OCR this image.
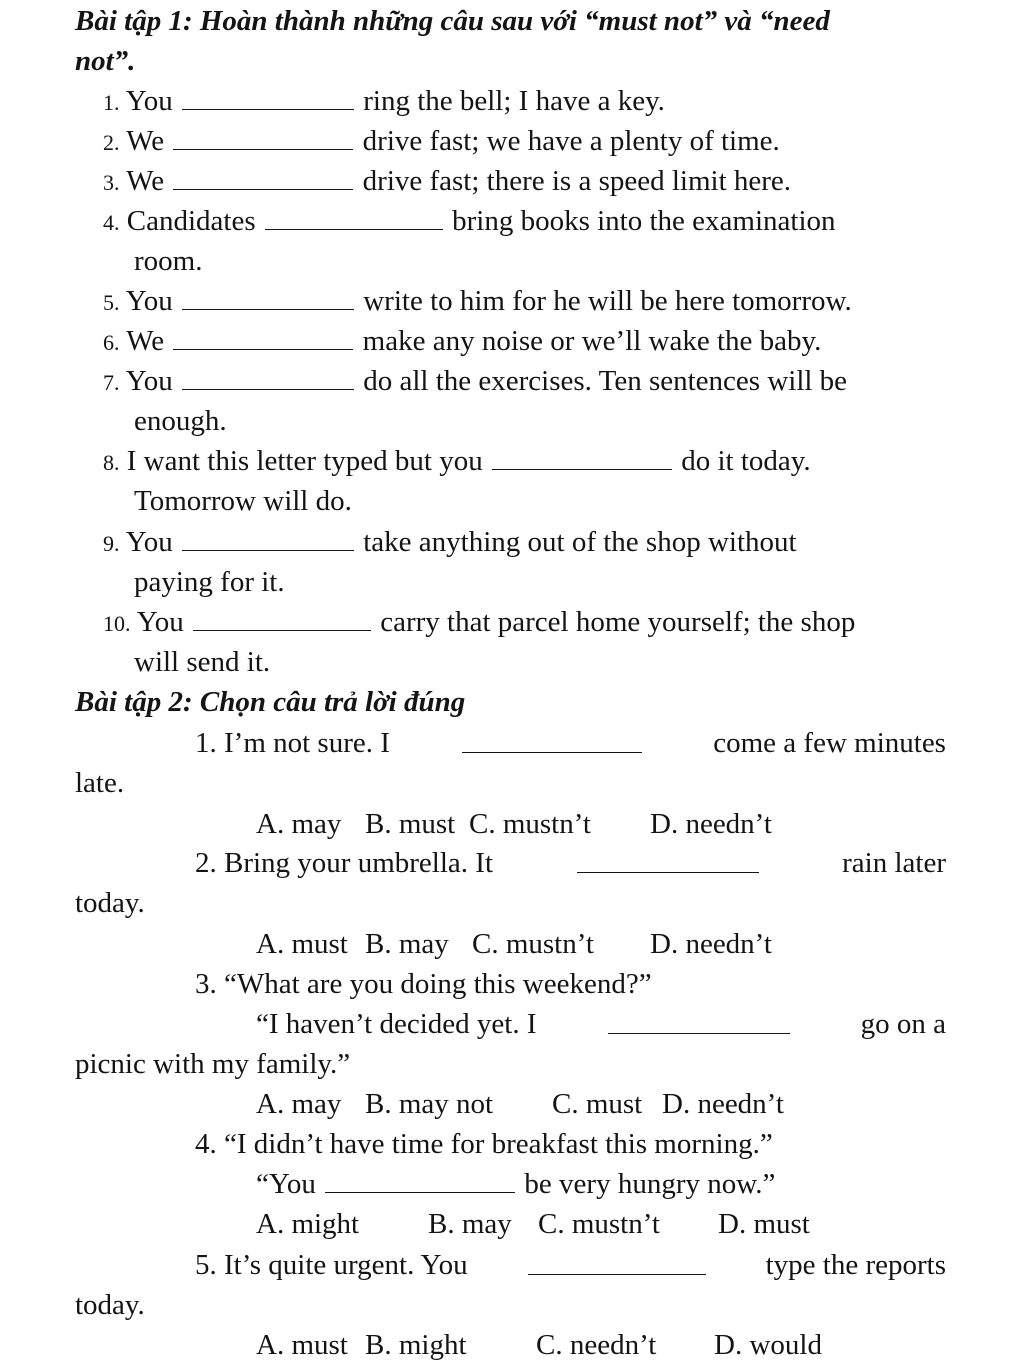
Bài tập 1: Hoàn thành những câu sau với “must not” và “need
not”.
1. You	ring the bell; I have a key.
2. We	drive fast; we have a plenty of time.
3. We	drive fast; there is a speed limit here.
4. Candidates	bring books into the examination
room.
5. You	write to him for he will be here tomorrow.
6. We	make any noise or we’ll wake the baby.
7. You	do all the exercises. Ten sentences will be
enough.
8. I want this letter typed but you	do it today.
Tomorrow will do.
9. You	take anything out of the shop without
paying for it.
10. You	carry that parcel home yourself; the shop
will send it.
Bài tập 2: Chọn câu trả lời đúng
1. I’m not sure. I	come a few minutes
late.
A. may B. must C. mustn’t D. needn’t
2. Bring your umbrella. It	rain later
today.
A. must B. may C. mustn’t D. needn’t
3. “What are you doing this weekend?”
“I haven’t decided yet. I	go on a
picnic with my family.”
A. may B. may not C. must D. needn’t
4. “I didn’t have time for breakfast this morning.”
“You	be very hungry now.”
A. might B. may C. mustn’t D. must
5. It’s quite urgent. You	type the reports
today.
A. must B. might C. needn’t D. would
